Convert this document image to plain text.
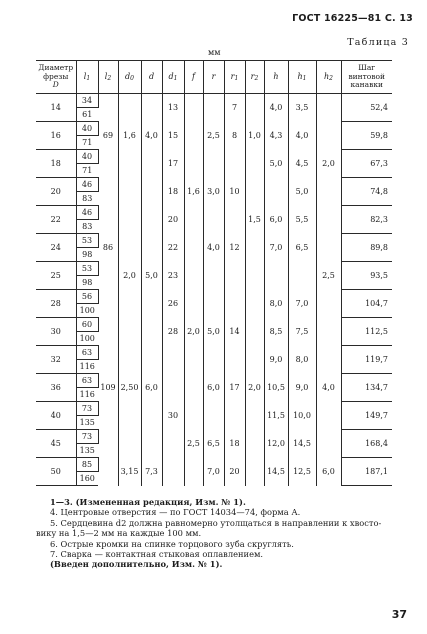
ГОСТ 16225—81 С. 13
мм
Таблица 3
Диаметр
фрезы
D	l1	l2	d0	d	d1	f	r	r1	r2	h	h1	h2	Шаг
винтовой
канавки
14	34				13			7		4,0	3,5		52,4
	61												
16	40	69	1,6	4,0	15		2,5	8	1,0	4,3	4,0		59,8
	71												
18	40				17					5,0	4,5	2,0	67,3
	71												
20	46				18	1,6	3,0	10			5,0		74,8
	83												
22	46				20				1,5	6,0	5,5		82,3
	83												
24	53	86			22		4,0	12		7,0	6,5		89,8
	98												
25	53		2,0	5,0	23							2,5	93,5
	98												
28	56				26					8,0	7,0		104,7
	100												
30	60				28	2,0	5,0	14		8,5	7,5		112,5
	100												
32	63									9,0	8,0		119,7
	116												
36	63	109	2,50	6,0			6,0	17	2,0	10,5	9,0	4,0	134,7
	116												
40	73				30					11,5	10,0		149,7
	135												
45	73					2,5	6,5	18		12,0	14,5		168,4
	135												
50	85		3,15	7,3			7,0	20		14,5	12,5	6,0	187,1
	160												
1—3. (Измененная редакция, Изм. № 1).
4. Центровые отверстия — по ГОСТ 14034—74, форма А.
5. Сердцевина d2 должна равномерно утолщаться в направлении к хвосто-
вику на 1,5—2 мм на каждые 100 мм.
6. Острые кромки на спинке торцового зуба скруглять.
7. Сварка — контактная стыковая оплавлением.
(Введен дополнительно, Изм. № 1).
37
